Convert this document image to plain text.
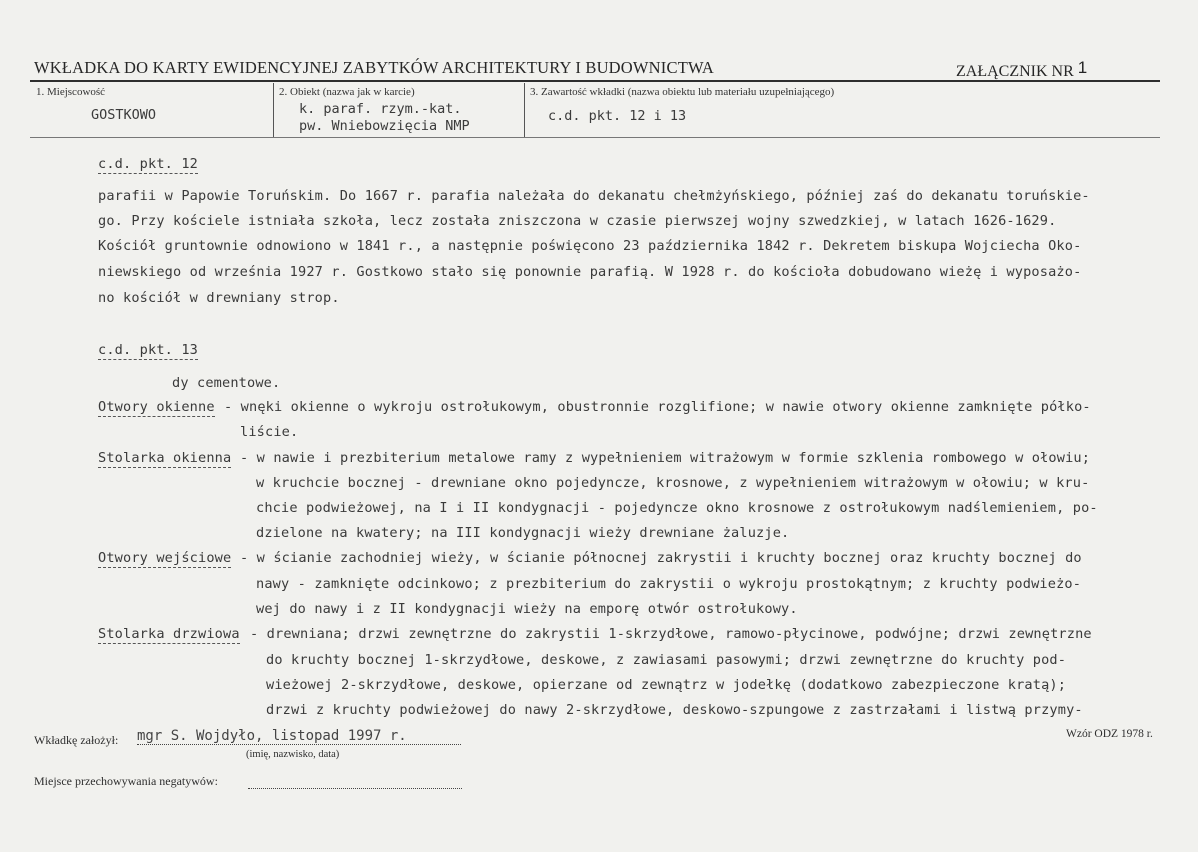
WKŁADKA DO KARTY EWIDENCYJNEJ ZABYTKÓW ARCHITEKTURY I BUDOWNICTWA	ZAŁĄCZNIK NR 1
1. Miejscowość
GOSTKOWO
2. Obiekt (nazwa jak w karcie)
k. paraf. rzym.-kat.
pw. Wniebowzięcia NMP
3. Zawartość wkładki (nazwa obiektu lub materiału uzupełniającego)
c.d. pkt. 12 i 13
c.d. pkt. 12
parafii w Papowie Toruńskim. Do 1667 r. parafia należała do dekanatu chełmżyńskiego, później zaś do dekanatu toruńskie-
go. Przy kościele istniała szkoła, lecz została zniszczona w czasie pierwszej wojny szwedzkiej, w latach 1626-1629.
Kościół gruntownie odnowiono w 1841 r., a następnie poświęcono 23 października 1842 r. Dekretem biskupa Wojciecha Oko-
niewskiego od września 1927 r. Gostkowo stało się ponownie parafią. W 1928 r. do kościoła dobudowano wieżę i wyposażo-
no kościół w drewniany strop.
c.d. pkt. 13
dy cementowe.
Otwory okienne - wnęki okienne o wykroju ostrołukowym, obustronnie rozglifione; w nawie otwory okienne zamknięte półko-
liście.
Stolarka okienna - w nawie i prezbiterium metalowe ramy z wypełnieniem witrażowym w formie szklenia rombowego w ołowiu;
w kruchcie bocznej - drewniane okno pojedyncze, krosnowe, z wypełnieniem witrażowym w ołowiu; w kru-
chcie podwieżowej, na I i II kondygnacji - pojedyncze okno krosnowe z ostrołukowym nadślemieniem, po-
dzielone na kwatery; na III kondygnacji wieży drewniane żaluzje.
Otwory wejściowe - w ścianie zachodniej wieży, w ścianie północnej zakrystii i kruchty bocznej oraz kruchty bocznej do
nawy - zamknięte odcinkowo; z prezbiterium do zakrystii o wykroju prostokątnym; z kruchty podwieżo-
wej do nawy i z II kondygnacji wieży na emporę otwór ostrołukowy.
Stolarka drzwiowa - drewniana; drzwi zewnętrzne do zakrystii 1-skrzydłowe, ramowo-płycinowe, podwójne; drzwi zewnętrzne
do kruchty bocznej 1-skrzydłowe, deskowe, z zawiasami pasowymi; drzwi zewnętrzne do kruchty pod-
wieżowej 2-skrzydłowe, deskowe, opierzane od zewnątrz w jodełkę (dodatkowo zabezpieczone kratą);
drzwi z kruchty podwieżowej do nawy 2-skrzydłowe, deskowo-szpungowe z zastrzałami i listwą przymy-
Wkładkę założył: mgr S. Wojdyło, listopad 1997 r.
(imię, nazwisko, data)
Wzór ODZ 1978 r.
Miejsce przechowywania negatywów:
